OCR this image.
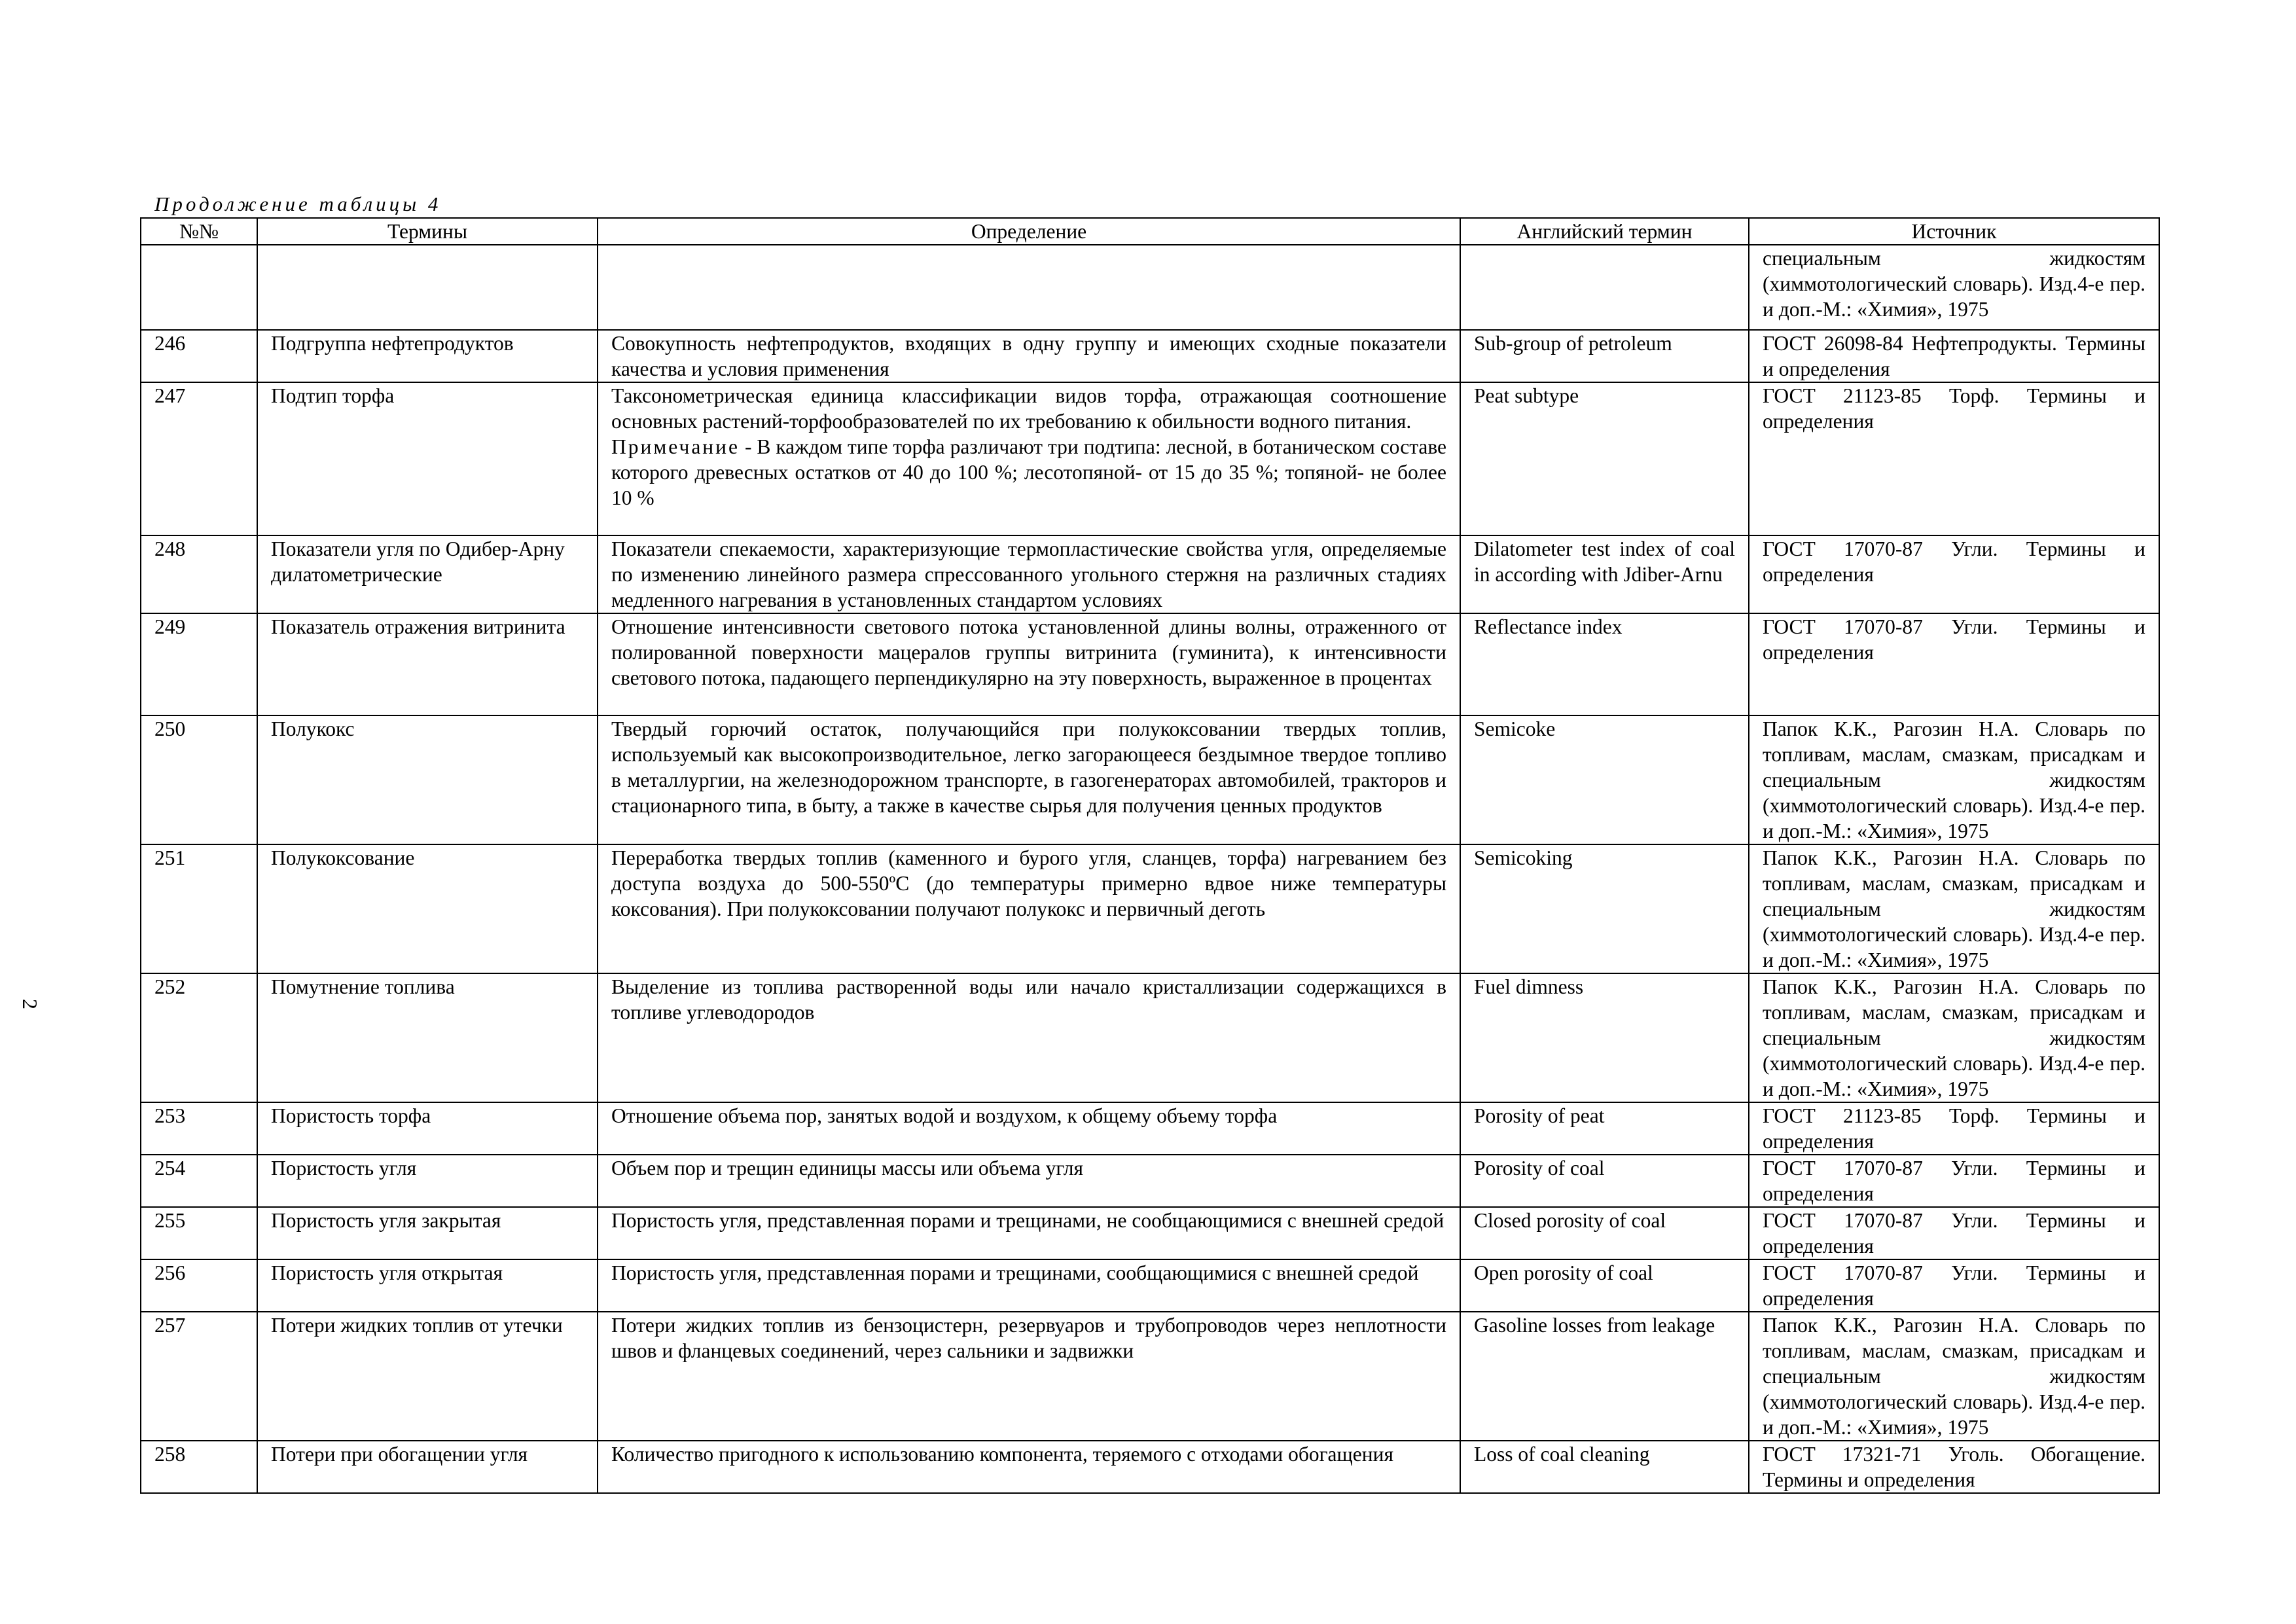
2
Продолжение таблицы 4
№№	Термины	Определение	Английский термин	Источник
				специальным жидкостям (химмотологический словарь). Изд.4-е пер. и доп.-М.: «Химия», 1975
246	Подгруппа нефтепродуктов	Совокупность нефтепродуктов, входящих в одну группу и имеющих сходные показатели качества и условия применения	Sub-group of petroleum	ГОСТ 26098-84 Нефтепродукты. Термины и определения
247	Подтип торфа	Таксонометрическая единица классификации видов торфа, отражающая соотношение основных растений-торфообразователей по их требованию к обильности водного питания.
Примечание - В каждом типе торфа различают три подтипа: лесной, в ботаническом составе которого древесных остатков от 40 до 100 %; лесотопяной- от 15 до 35 %; топяной- не более 10 %	Peat subtype	ГОСТ 21123-85 Торф. Термины и определения
248	Показатели угля по Одибер-Арну дилатометрические	Показатели спекаемости, характеризующие термопластические свойства угля, определяемые по изменению линейного размера спрессованного угольного стержня на различных стадиях медленного нагревания в установленных стандартом условиях	Dilatometer test index of coal in according with Jdiber-Arnu	ГОСТ 17070-87 Угли. Термины и определения
249	Показатель отражения витринита	Отношение интенсивности светового потока установленной длины волны, отраженного от полированной поверхности мацералов группы витринита (гуминита), к интенсивности светового потока, падающего перпендикулярно на эту поверхность, выраженное в процентах	Reflectance index	ГОСТ 17070-87 Угли. Термины и определения
250	Полукокс	Твердый горючий остаток, получающийся при полукоксовании твердых топлив, используемый как высокопроизводительное, легко загорающееся бездымное твердое топливо в металлургии, на железнодорожном транспорте, в газогенераторах автомобилей, тракторов и стационарного типа, в быту, а также в качестве сырья для получения ценных продуктов	Semicoke	Папок К.К., Рагозин Н.А. Словарь по топливам, маслам, смазкам, присадкам и специальным жидкостям (химмотологический словарь). Изд.4-е пер. и доп.-М.: «Химия», 1975
251	Полукоксование	Переработка твердых топлив (каменного и бурого угля, сланцев, торфа) нагреванием без доступа воздуха до 500-550ºС (до температуры примерно вдвое ниже температуры коксования). При полукоксовании получают полукокс и первичный деготь	Semicoking	Папок К.К., Рагозин Н.А. Словарь по топливам, маслам, смазкам, присадкам и специальным жидкостям (химмотологический словарь). Изд.4-е пер. и доп.-М.: «Химия», 1975
252	Помутнение топлива	Выделение из топлива растворенной воды или начало кристаллизации содержащихся в топливе углеводородов	Fuel dimness	Папок К.К., Рагозин Н.А. Словарь по топливам, маслам, смазкам, присадкам и специальным жидкостям (химмотологический словарь). Изд.4-е пер. и доп.-М.: «Химия», 1975
253	Пористость торфа	Отношение объема пор, занятых водой и воздухом, к общему объему торфа	Porosity of peat	ГОСТ 21123-85 Торф. Термины и определения
254	Пористость угля	Объем пор и трещин единицы массы или объема угля	Porosity of coal	ГОСТ 17070-87 Угли. Термины и определения
255	Пористость угля закрытая	Пористость угля, представленная порами и трещинами, не сообщающимися с внешней средой	Closed porosity of coal	ГОСТ 17070-87 Угли. Термины и определения
256	Пористость угля открытая	Пористость угля, представленная порами и трещинами, сообщающимися с внешней средой	Open porosity of coal	ГОСТ 17070-87 Угли. Термины и определения
257	Потери жидких топлив от утечки	Потери жидких топлив из бензоцистерн, резервуаров и трубопроводов через неплотности швов и фланцевых соединений, через сальники и задвижки	Gasoline losses from leakage	Папок К.К., Рагозин Н.А. Словарь по топливам, маслам, смазкам, присадкам и специальным жидкостям (химмотологический словарь). Изд.4-е пер. и доп.-М.: «Химия», 1975
258	Потери при обогащении угля	Количество пригодного к использованию компонента, теряемого с отходами обогащения	Loss of coal cleaning	ГОСТ 17321-71 Уголь. Обогащение. Термины и определения
